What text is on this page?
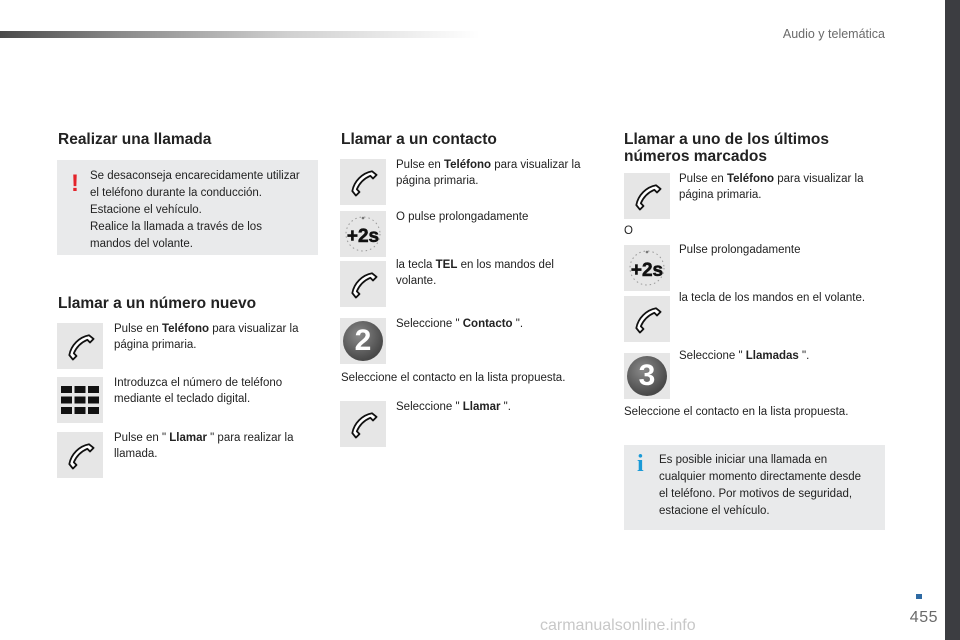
Audio y telemática
Realizar una llamada
! Se desaconseja encarecidamente utilizar
el teléfono durante la conducción.
Estacione el vehículo.
Realice la llamada a través de los
mandos del volante.
Llamar a un número nuevo
Pulse en Teléfono para visualizar la
página primaria.
Introduzca el número de teléfono
mediante el teclado digital.
Pulse en " Llamar " para realizar la
llamada.
Llamar a un contacto
Pulse en Teléfono para visualizar la
página primaria.
+2s
O pulse prolongadamente
la tecla TEL en los mandos del
volante.
2	Seleccione " Contacto ".
Seleccione el contacto en la lista propuesta.
Seleccione " Llamar ".
Llamar a uno de los últimos
números marcados
Pulse en Teléfono para visualizar la
página primaria.
O
+2s
Pulse prolongadamente
la tecla de los mandos en el volante.
3
Seleccione " Llamadas ".
Seleccione el contacto en la lista propuesta.
i Es posible iniciar una llamada en
cualquier momento directamente desde
el teléfono. Por motivos de seguridad,
estacione el vehículo.
455
carmanualsonline.info
